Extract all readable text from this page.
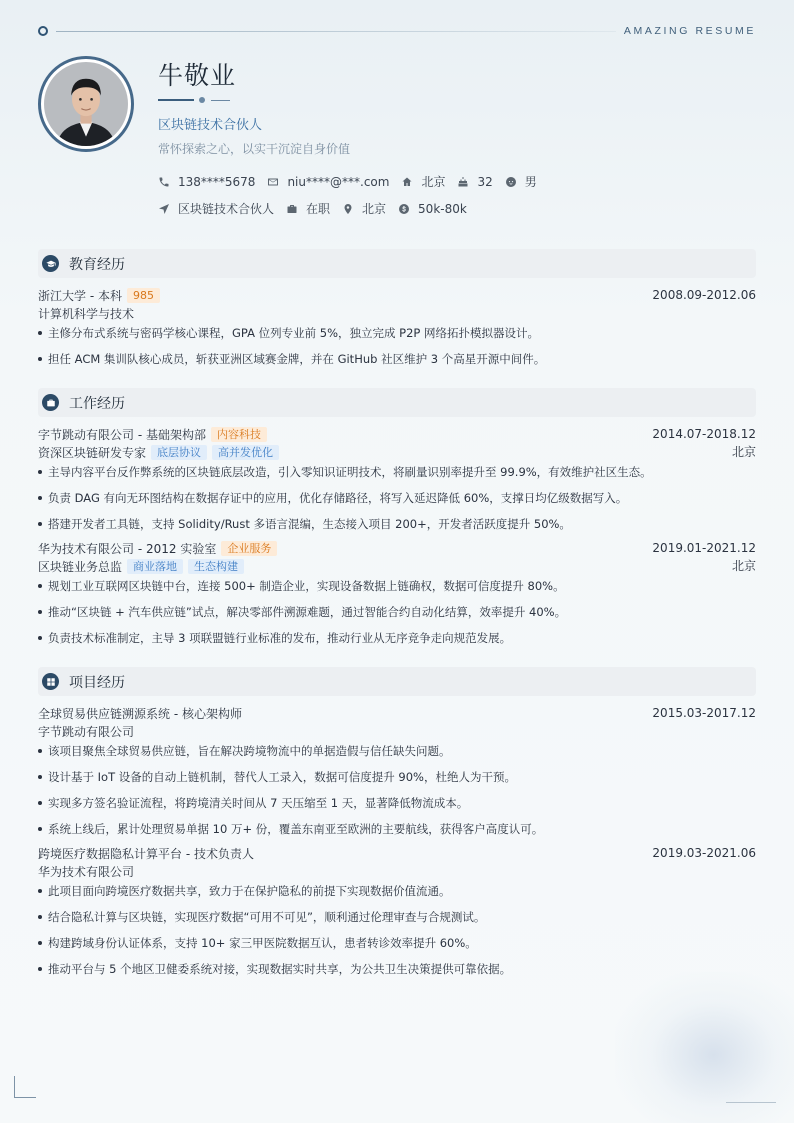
AMAZING RESUME
牛敬业
区块链技术合伙人
常怀探索之心，以实干沉淀自身价值
138****5678	niu****@***.com	北京	32	男
区块链技术合伙人	在职	北京	50k-80k
教育经历
浙江大学 - 本科	985	2008.09-2012.06
计算机科学与技术
主修分布式系统与密码学核心课程，GPA 位列专业前 5%，独立完成 P2P 网络拓扑模拟器设计。
担任 ACM 集训队核心成员，斩获亚洲区域赛金牌，并在 GitHub 社区维护 3 个高星开源中间件。
工作经历
字节跳动有限公司 - 基础架构部	内容科技	2014.07-2018.12
资深区块链研发专家	底层协议	高并发优化	北京
主导内容平台反作弊系统的区块链底层改造，引入零知识证明技术，将刷量识别率提升至 99.9%，有效维护社区生态。
负责 DAG 有向无环图结构在数据存证中的应用，优化存储路径，将写入延迟降低 60%，支撑日均亿级数据写入。
搭建开发者工具链，支持 Solidity/Rust 多语言混编，生态接入项目 200+，开发者活跃度提升 50%。
华为技术有限公司 - 2012 实验室	企业服务	2019.01-2021.12
区块链业务总监	商业落地	生态构建	北京
规划工业互联网区块链中台，连接 500+ 制造企业，实现设备数据上链确权，数据可信度提升 80%。
推动“区块链 + 汽车供应链”试点，解决零部件溯源难题，通过智能合约自动化结算，效率提升 40%。
负责技术标准制定，主导 3 项联盟链行业标准的发布，推动行业从无序竞争走向规范发展。
项目经历
全球贸易供应链溯源系统 - 核心架构师	2015.03-2017.12
字节跳动有限公司
该项目聚焦全球贸易供应链，旨在解决跨境物流中的单据造假与信任缺失问题。
设计基于 IoT 设备的自动上链机制，替代人工录入，数据可信度提升 90%，杜绝人为干预。
实现多方签名验证流程，将跨境清关时间从 7 天压缩至 1 天，显著降低物流成本。
系统上线后，累计处理贸易单据 10 万+ 份，覆盖东南亚至欧洲的主要航线，获得客户高度认可。
跨境医疗数据隐私计算平台 - 技术负责人	2019.03-2021.06
华为技术有限公司
此项目面向跨境医疗数据共享，致力于在保护隐私的前提下实现数据价值流通。
结合隐私计算与区块链，实现医疗数据“可用不可见”，顺利通过伦理审查与合规测试。
构建跨域身份认证体系，支持 10+ 家三甲医院数据互认，患者转诊效率提升 60%。
推动平台与 5 个地区卫健委系统对接，实现数据实时共享，为公共卫生决策提供可靠依据。
